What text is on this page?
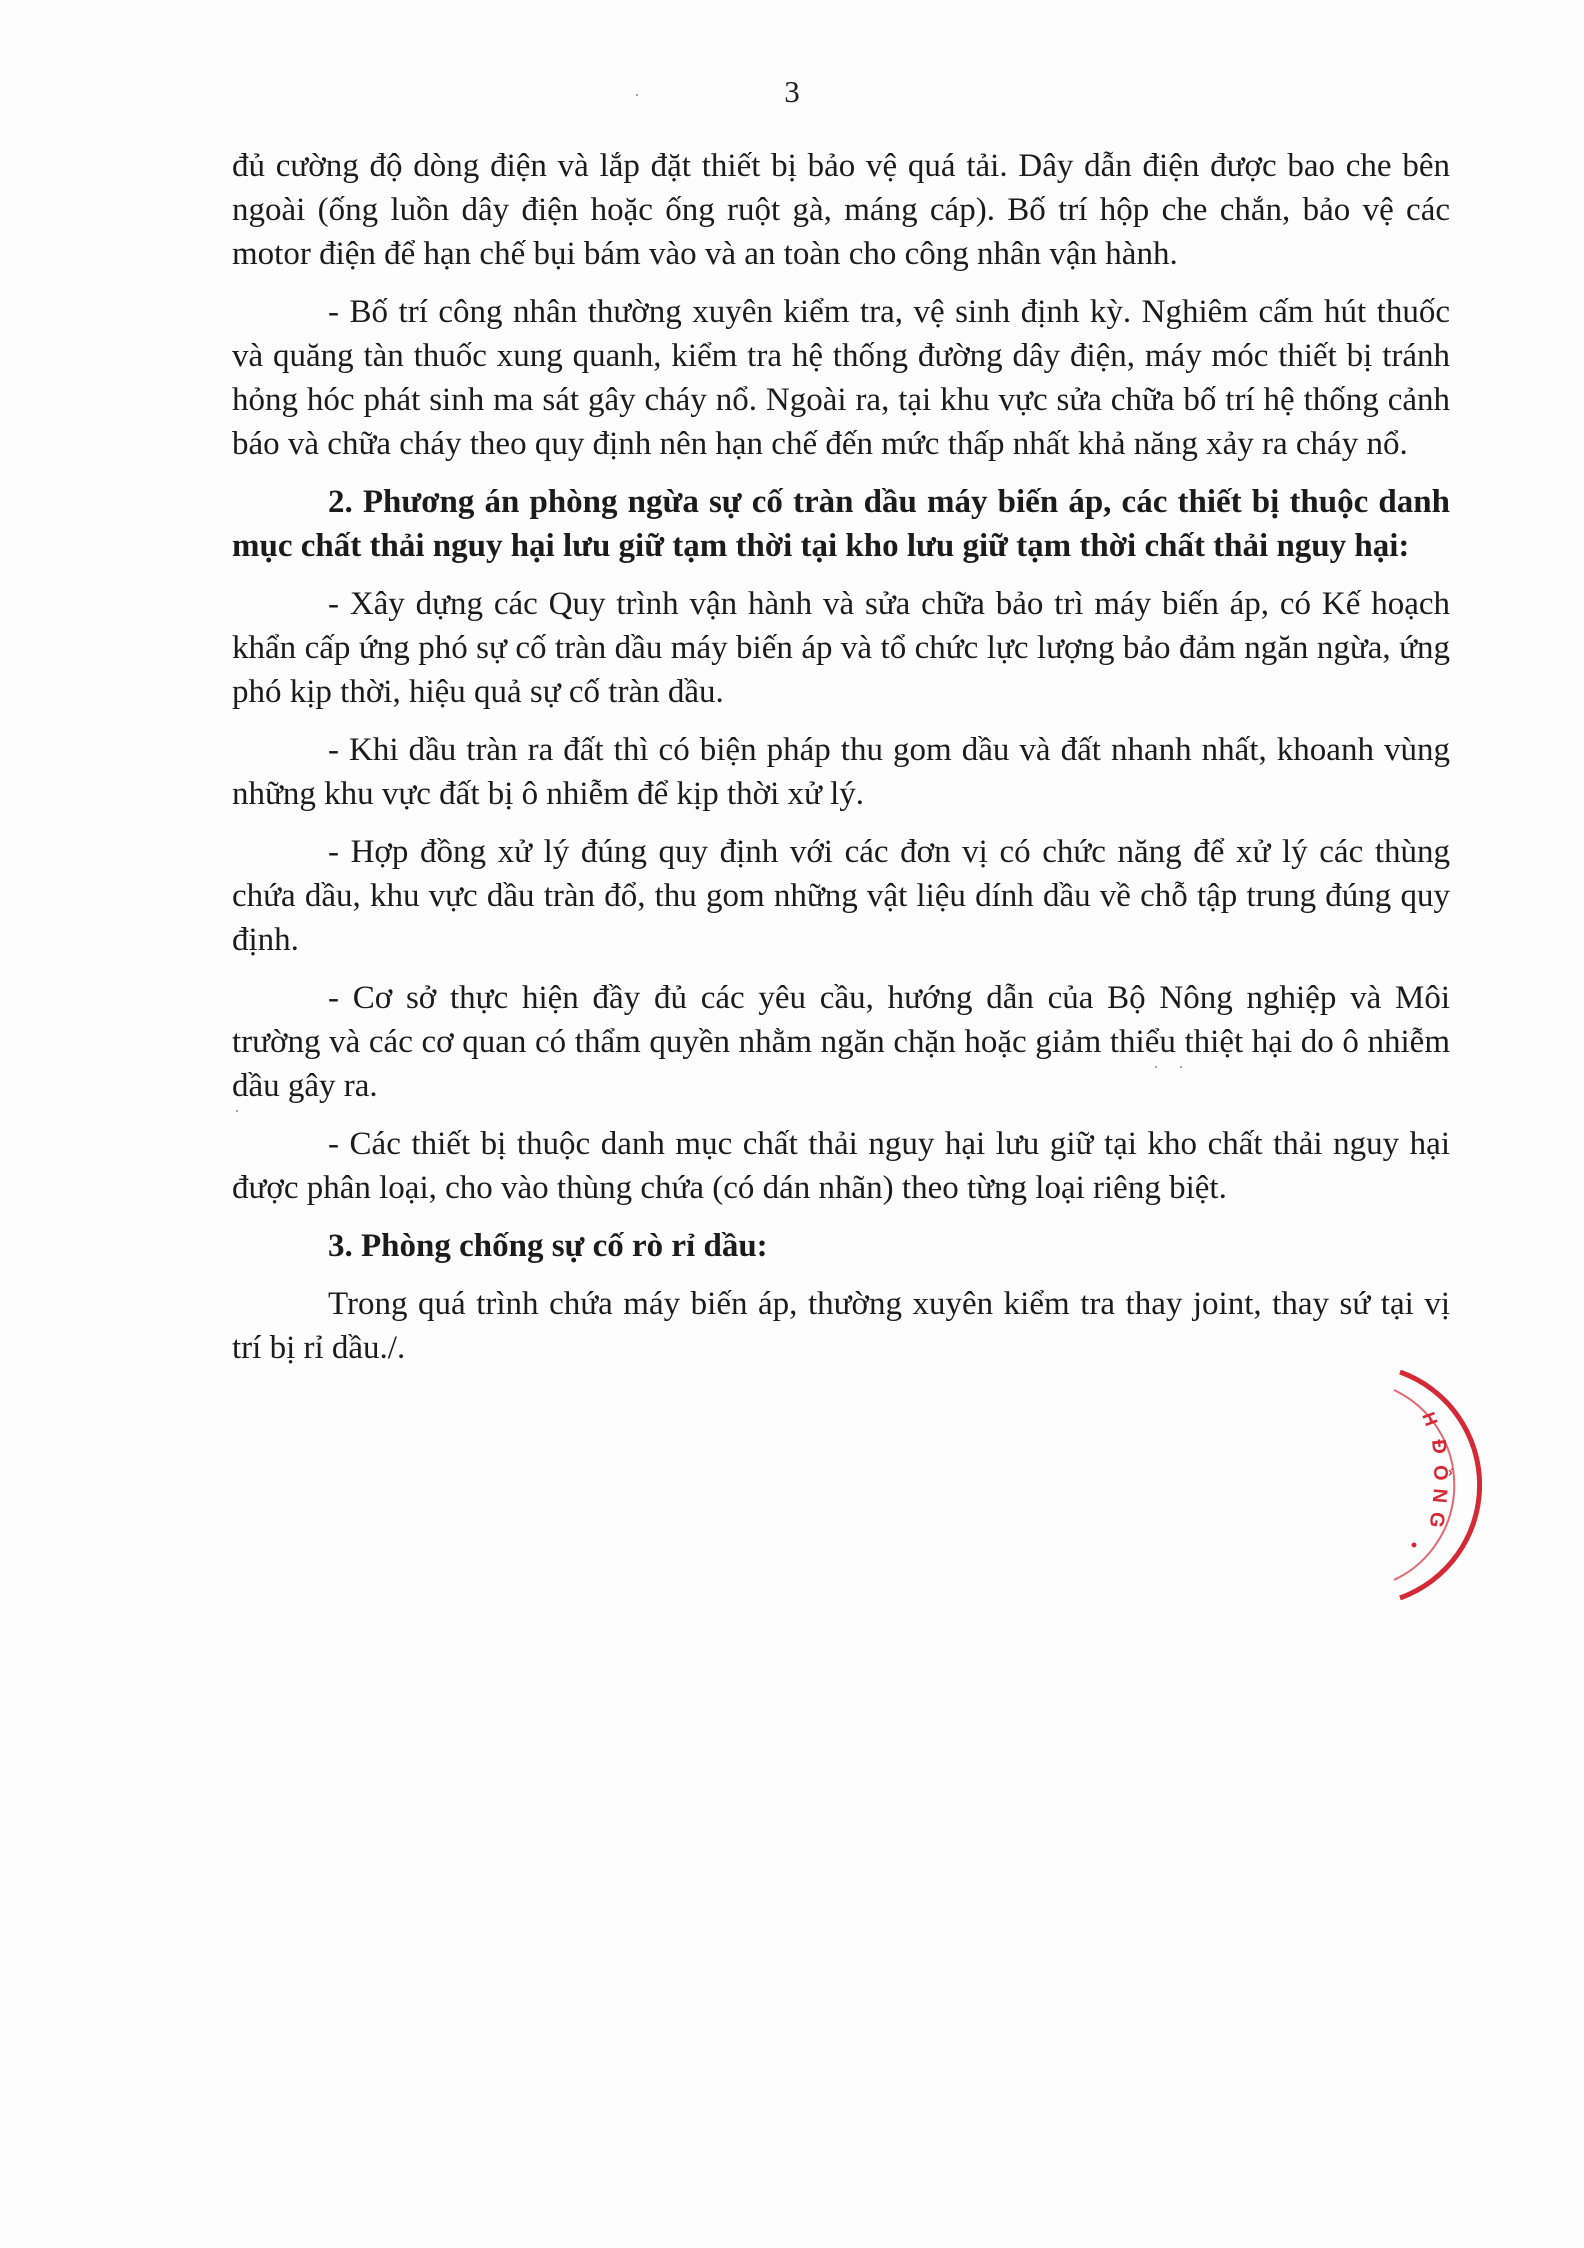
3

đủ cường độ dòng điện và lắp đặt thiết bị bảo vệ quá tải. Dây dẫn điện được bao che bên ngoài (ống luồn dây điện hoặc ống ruột gà, máng cáp). Bố trí hộp che chắn, bảo vệ các motor điện để hạn chế bụi bám vào và an toàn cho công nhân vận hành.

- Bố trí công nhân thường xuyên kiểm tra, vệ sinh định kỳ. Nghiêm cấm hút thuốc và quăng tàn thuốc xung quanh, kiểm tra hệ thống đường dây điện, máy móc thiết bị tránh hỏng hóc phát sinh ma sát gây cháy nổ. Ngoài ra, tại khu vực sửa chữa bố trí hệ thống cảnh báo và chữa cháy theo quy định nên hạn chế đến mức thấp nhất khả năng xảy ra cháy nổ.

2. Phương án phòng ngừa sự cố tràn dầu máy biến áp, các thiết bị thuộc danh mục chất thải nguy hại lưu giữ tạm thời tại kho lưu giữ tạm thời chất thải nguy hại:

- Xây dựng các Quy trình vận hành và sửa chữa bảo trì máy biến áp, có Kế hoạch khẩn cấp ứng phó sự cố tràn dầu máy biến áp và tổ chức lực lượng bảo đảm ngăn ngừa, ứng phó kịp thời, hiệu quả sự cố tràn dầu.

- Khi dầu tràn ra đất thì có biện pháp thu gom dầu và đất nhanh nhất, khoanh vùng những khu vực đất bị ô nhiễm để kịp thời xử lý.

- Hợp đồng xử lý đúng quy định với các đơn vị có chức năng để xử lý các thùng chứa dầu, khu vực dầu tràn đổ, thu gom những vật liệu dính dầu về chỗ tập trung đúng quy định.

- Cơ sở thực hiện đầy đủ các yêu cầu, hướng dẫn của Bộ Nông nghiệp và Môi trường và các cơ quan có thẩm quyền nhằm ngăn chặn hoặc giảm thiểu thiệt hại do ô nhiễm dầu gây ra.

- Các thiết bị thuộc danh mục chất thải nguy hại lưu giữ tại kho chất thải nguy hại được phân loại, cho vào thùng chứa (có dán nhãn) theo từng loại riêng biệt.

3. Phòng chống sự cố rò rỉ dầu:

Trong quá trình chứa máy biến áp, thường xuyên kiểm tra thay joint, thay sứ tại vị trí bị rỉ dầu./.

H
Đ
Ồ
N
G
